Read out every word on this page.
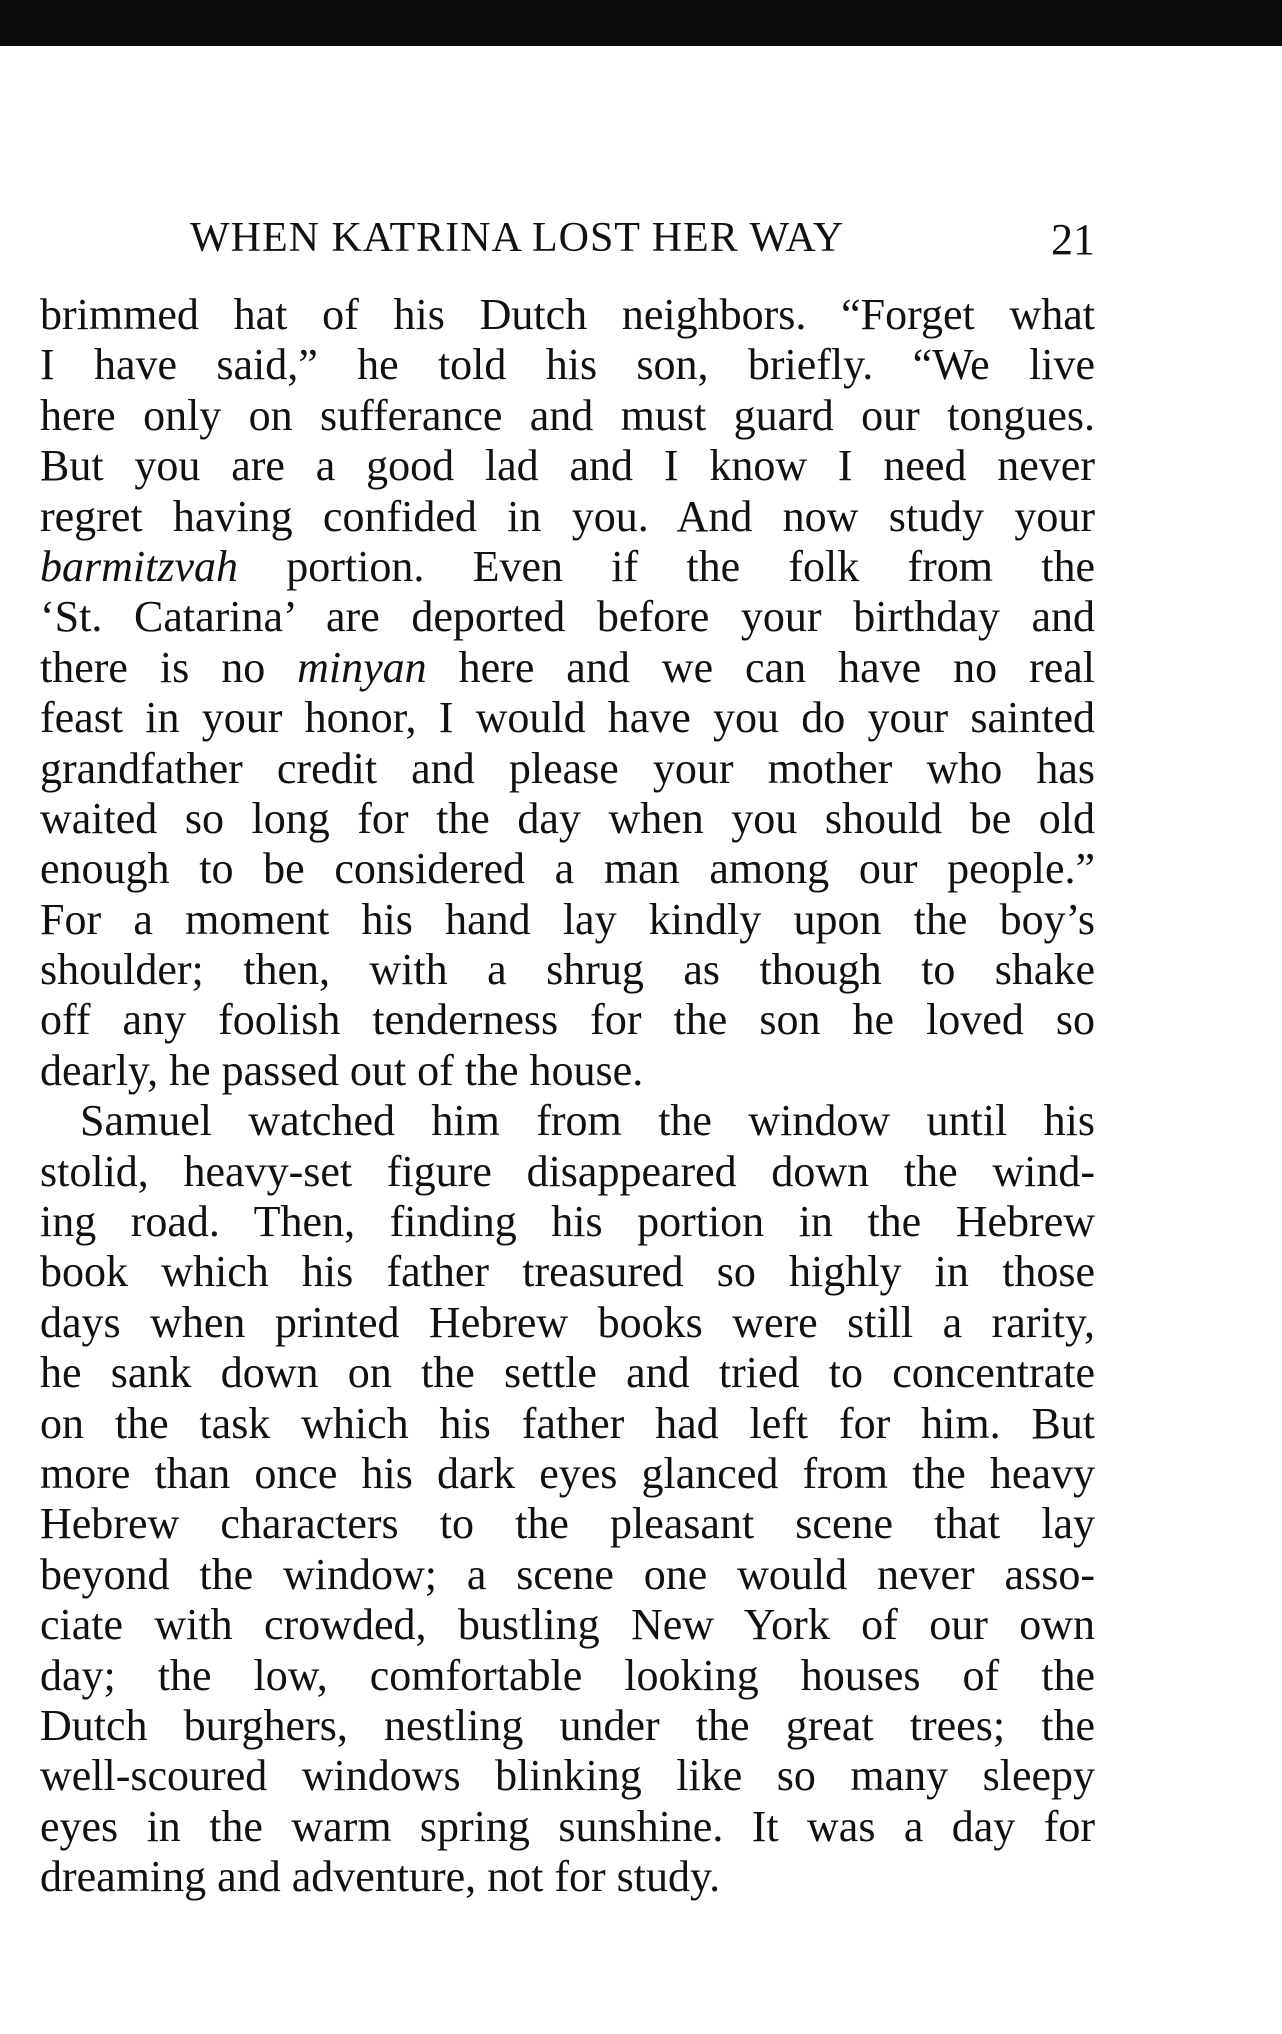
WHEN KATRINA LOST HER WAY	21
brimmed hat of his Dutch neighbors. “Forget what
I have said,” he told his son, briefly. “We live
here only on sufferance and must guard our tongues.
But you are a good lad and I know I need never
regret having confided in you. And now study your
barmitzvah portion. Even if the folk from the
‘St. Catarina’ are deported before your birthday and
there is no minyan here and we can have no real
feast in your honor, I would have you do your sainted
grandfather credit and please your mother who has
waited so long for the day when you should be old
enough to be considered a man among our people.”
For a moment his hand lay kindly upon the boy’s
shoulder; then, with a shrug as though to shake
off any foolish tenderness for the son he loved so
dearly, he passed out of the house.
Samuel watched him from the window until his
stolid, heavy-set figure disappeared down the wind-
ing road. Then, finding his portion in the Hebrew
book which his father treasured so highly in those
days when printed Hebrew books were still a rarity,
he sank down on the settle and tried to concentrate
on the task which his father had left for him. But
more than once his dark eyes glanced from the heavy
Hebrew characters to the pleasant scene that lay
beyond the window; a scene one would never asso-
ciate with crowded, bustling New York of our own
day; the low, comfortable looking houses of the
Dutch burghers, nestling under the great trees; the
well-scoured windows blinking like so many sleepy
eyes in the warm spring sunshine. It was a day for
dreaming and adventure, not for study.
